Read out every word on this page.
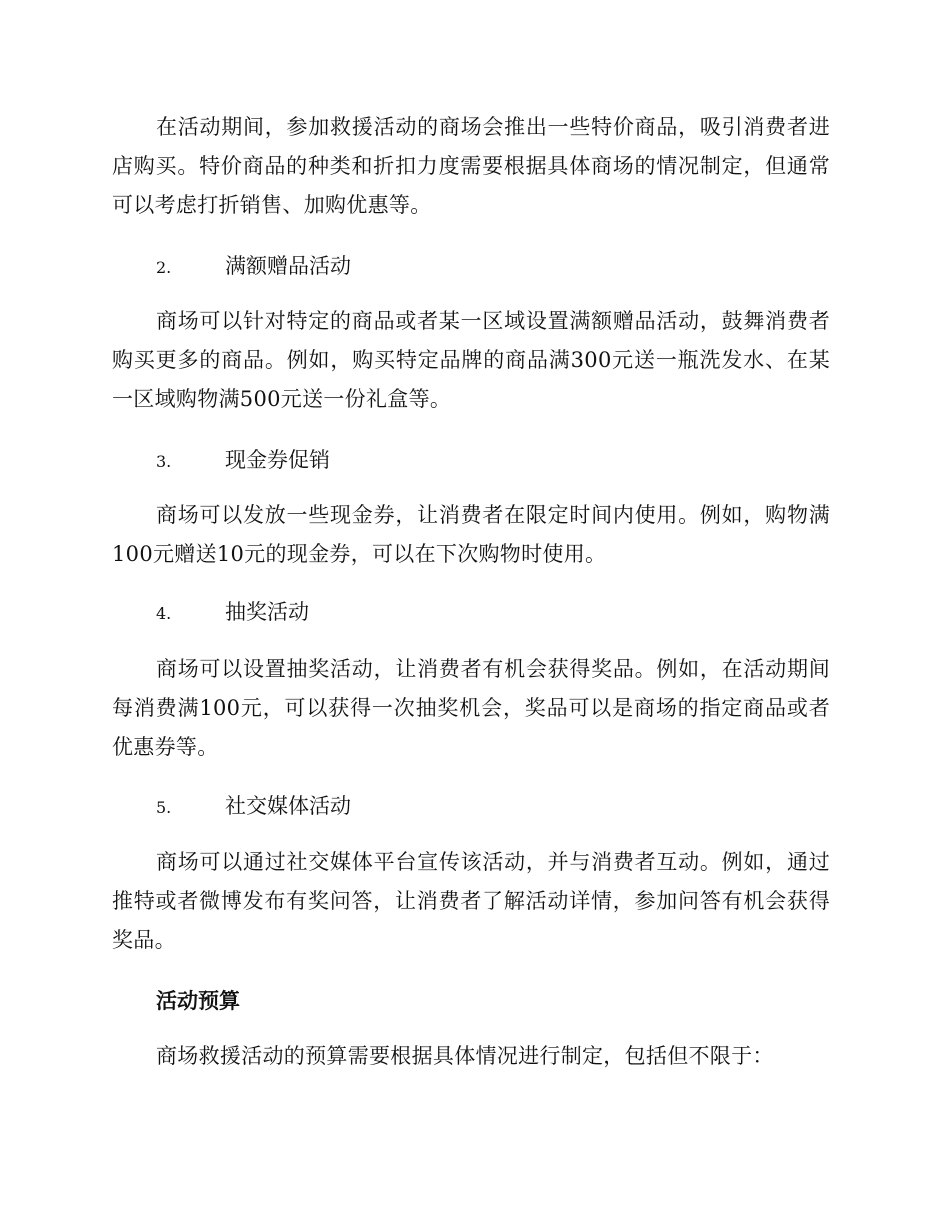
在活动期间，参加救援活动的商场会推出一些特价商品，吸引消费者进店购买。特价商品的种类和折扣力度需要根据具体商场的情况制定，但通常可以考虑打折销售、加购优惠等。

2.	满额赠品活动

商场可以针对特定的商品或者某一区域设置满额赠品活动，鼓舞消费者购买更多的商品。例如，购买特定品牌的商品满300元送一瓶洗发水、在某一区域购物满500元送一份礼盒等。

3.	现金券促销

商场可以发放一些现金券，让消费者在限定时间内使用。例如，购物满100元赠送10元的现金券，可以在下次购物时使用。

4.	抽奖活动

商场可以设置抽奖活动，让消费者有机会获得奖品。例如，在活动期间每消费满100元，可以获得一次抽奖机会，奖品可以是商场的指定商品或者优惠券等。

5.	社交媒体活动

商场可以通过社交媒体平台宣传该活动，并与消费者互动。例如，通过推特或者微博发布有奖问答，让消费者了解活动详情，参加问答有机会获得奖品。

活动预算

商场救援活动的预算需要根据具体情况进行制定，包括但不限于：
